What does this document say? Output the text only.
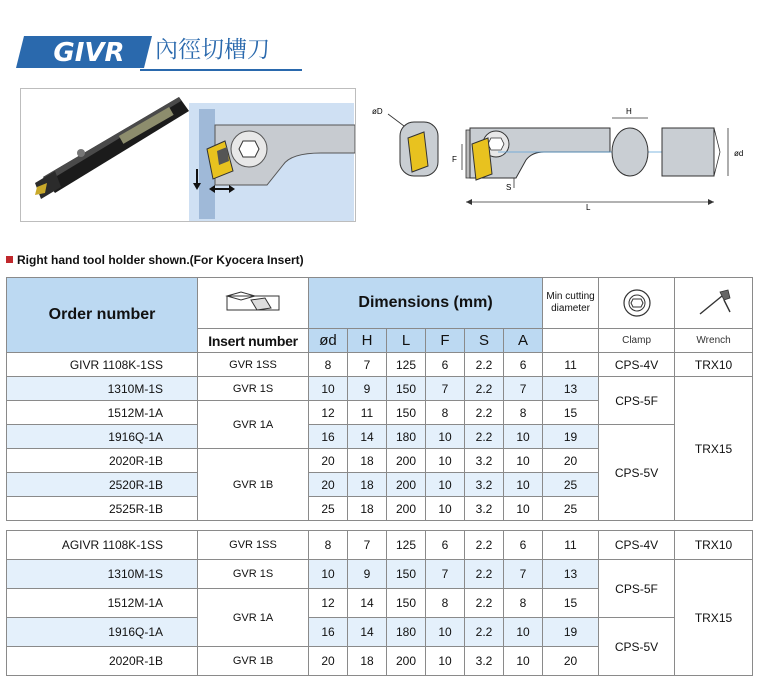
GIVR	內徑切槽刀
øD	H
F
S
L
ød
Right hand tool holder shown.(For Kyocera Insert)
Order number		Dimensions (mm)						Min cutting diameter	

	Insert number	ød	H	L	F	S	A		Clamp	Wrench
GIVR 1108K-1SS	GVR 1SS	8	7	125	6	2.2	6	11	CPS-4V	TRX10
1310M-1S	GVR 1S	10	9	150	7	2.2	7	13	CPS-5F	TRX15
1512M-1A	GVR 1A	12	11	150	8	2.2	8	15		
1916Q-1A		16	14	180	10	2.2	10	19	CPS-5V	
2020R-1B	GVR 1B	20	18	200	10	3.2	10	20		
2520R-1B		20	18	200	10	3.2	10	25		
2525R-1B		25	18	200	10	3.2	10	25		
AGIVR 1108K-1SS	GVR 1SS	8	7	125	6	2.2	6	11	CPS-4V	TRX10
1310M-1S	GVR 1S	10	9	150	7	2.2	7	13	CPS-5F	TRX15
1512M-1A	GVR 1A	12	14	150	8	2.2	8	15		
1916Q-1A		16	14	180	10	2.2	10	19	CPS-5V	
2020R-1B	GVR 1B	20	18	200	10	3.2	10	20		
